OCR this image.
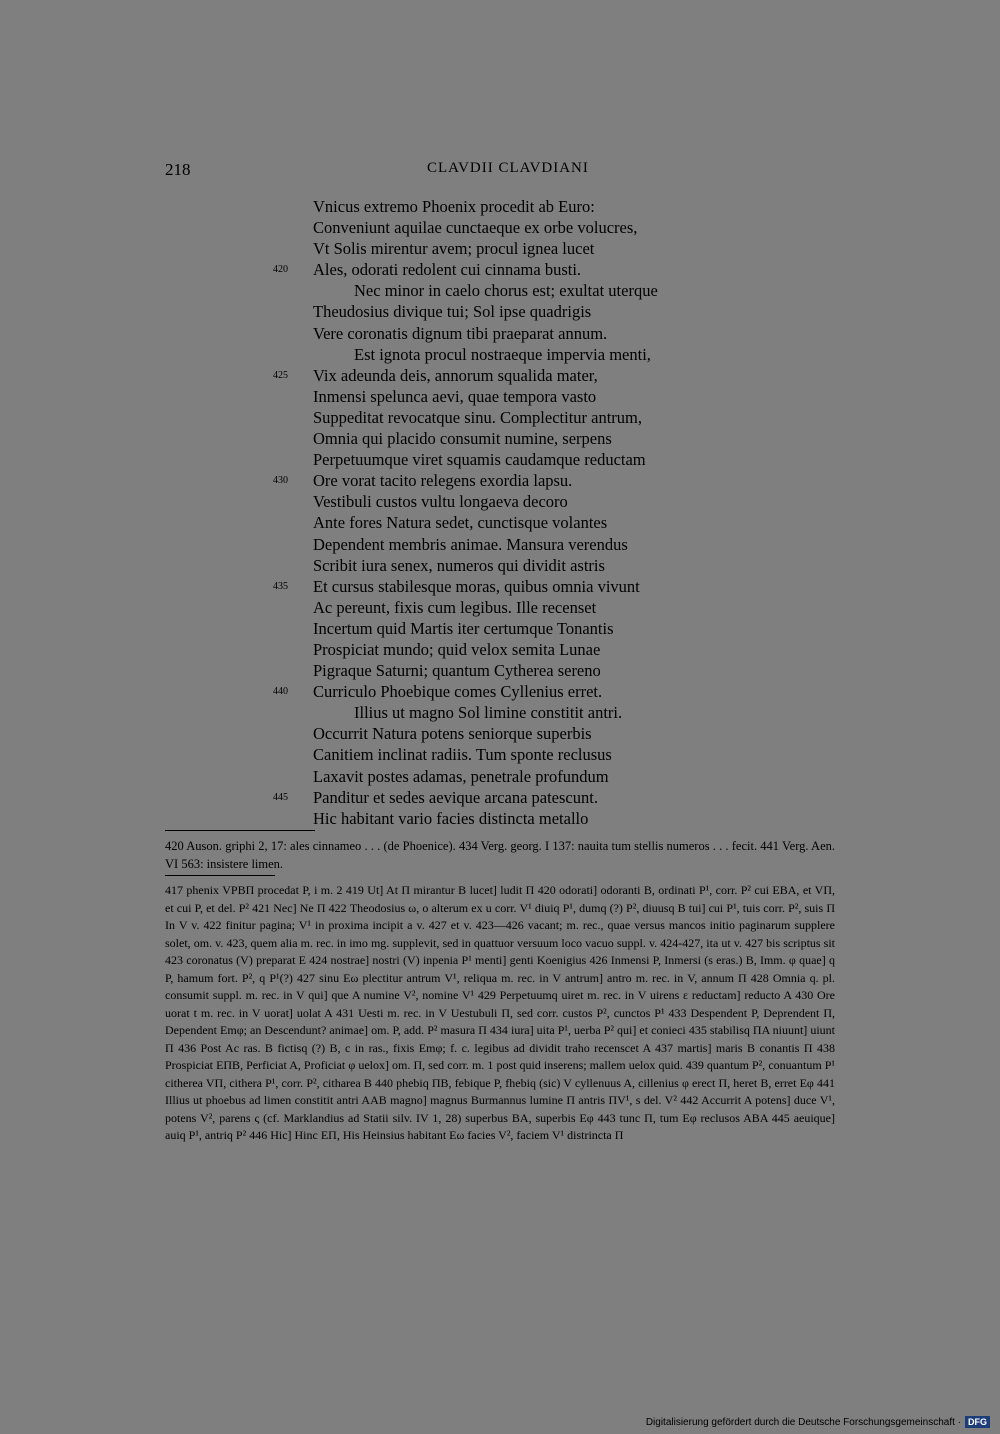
218	CLAVDII CLAVDIANI
Vnicus extremo Phoenix procedit ab Euro:
Conveniunt aquilae cunctaeque ex orbe volucres,
Vt Solis mirentur avem; procul ignea lucet
420 Ales, odorati redolent cui cinnama busti.
Nec minor in caelo chorus est; exultat uterque
Theudosius divique tui; Sol ipse quadrigis
Vere coronatis dignum tibi praeparat annum.
Est ignota procul nostraeque impervia menti,
425 Vix adeunda deis, annorum squalida mater,
Inmensi spelunca aevi, quae tempora vasto
Suppeditat revocatque sinu. Complectitur antrum,
Omnia qui placido consumit numine, serpens
Perpetuumque viret squamis caudamque reductam
430 Ore vorat tacito relegens exordia lapsu.
Vestibuli custos vultu longaeva decoro
Ante fores Natura sedet, cunctisque volantes
Dependent membris animae. Mansura verendus
Scribit iura senex, numeros qui dividit astris
435 Et cursus stabilesque moras, quibus omnia vivunt
Ac pereunt, fixis cum legibus. Ille recenset
Incertum quid Martis iter certumque Tonantis
Prospiciat mundo; quid velox semita Lunae
Pigraque Saturni; quantum Cytherea sereno
440 Curriculo Phoebique comes Cyllenius erret.
Illius ut magno Sol limine constitit antri.
Occurrit Natura potens seniorque superbis
Canitiem inclinat radiis. Tum sponte reclusus
Laxavit postes adamas, penetrale profundum
445 Panditur et sedes aevique arcana patescunt.
Hic habitant vario facies distincta metallo
420 Auson. griphi 2, 17: ales cinnameo . . . (de Phoenice). 434 Verg. georg. I 137: nauita tum stellis numeros . . . fecit. 441 Verg. Aen. VI 563: insistere limen.
417 phenix VPBΠ procedat P, i m. 2 419 Ut] At Π mirantur B lucet] ludit Π 420 odorati] odoranti B, ordinati P¹, corr. P² cui EBA, et VΠ, et cui P, et del. P² 421 Nec] Ne Π 422 Theodosius ω, o alterum ex u corr. V¹ diuiq P¹, dumq (?) P², diuusq B tui] cui P¹, tuis corr. P², suis Π In V v. 422 finitur pagina; V¹ in proxima incipit a v. 427 et v. 423—426 vacant; m. rec., quae versus mancos initio paginarum supplere solet, om. v. 423, quem alia m. rec. in imo mg. supplevit, sed in quattuor versuum loco vacuo suppl. v. 424-427, ita ut v. 427 bis scriptus sit 423 coronatus (V) preparat E 424 nostrae] nostri (V) inpenia P¹ menti] genti Koenigius 426 Inmensi P, Inmersi (s eras.) B, Imm. φ quae] q P, hamum fort. P², q P¹(?) 427 sinu Eω plectitur antrum V¹, reliqua m. rec. in V antrum] antro m. rec. in V, annum Π 428 Omnia q. pl. consumit suppl. m. rec. in V qui] que A numine V², nomine V¹ 429 Perpetuumq uiret m. rec. in V uirens ε reductam] reducto A 430 Ore uorat t m. rec. in V uorat] uolat A 431 Uesti m. rec. in V Uestubuli Π, sed corr. custos P², cunctos P¹ 433 Despendent P, Deprendent Π, Dependent Emφ; an Descendunt? animae] om. P, add. P² masura Π 434 iura] uita P¹, uerba P² qui] et conieci 435 stabilisq ΠA niuunt] uiunt Π 436 Post Ac ras. B fictisq (?) B, c in ras., fixis Emφ; f. c. legibus ad dividit traho recenscet A 437 martis] maris B conantis Π 438 Prospiciat EΠB, Perficiat A, Proficiat φ uelox] om. Π, sed corr. m. 1 post quid inserens; mallem uelox quid. 439 quantum P², conuantum P¹ citherea VΠ, cithera P¹, corr. P², citharea B 440 phebiq ΠB, febique P, fhebiq (sic) V cyllenuus A, cillenius φ erect Π, heret B, erret Eφ 441 Illius ut phoebus ad limen constitit antri AAB magno] magnus Burmannus lumine Π antris ΠV¹, s del. V² 442 Accurrit A potens] duce V¹, potens V², parens ς (cf. Marklandius ad Statii silv. IV 1, 28) superbus BA, superbis Eφ 443 tunc Π, tum Eφ reclusos ABA 445 aeuique] auiq P¹, antriq P² 446 Hic] Hinc EΠ, His Heinsius habitant Eω facies V², faciem V¹ distrincta Π
Digitalisierung gefördert durch die Deutsche Forschungsgemeinschaft · DFG
